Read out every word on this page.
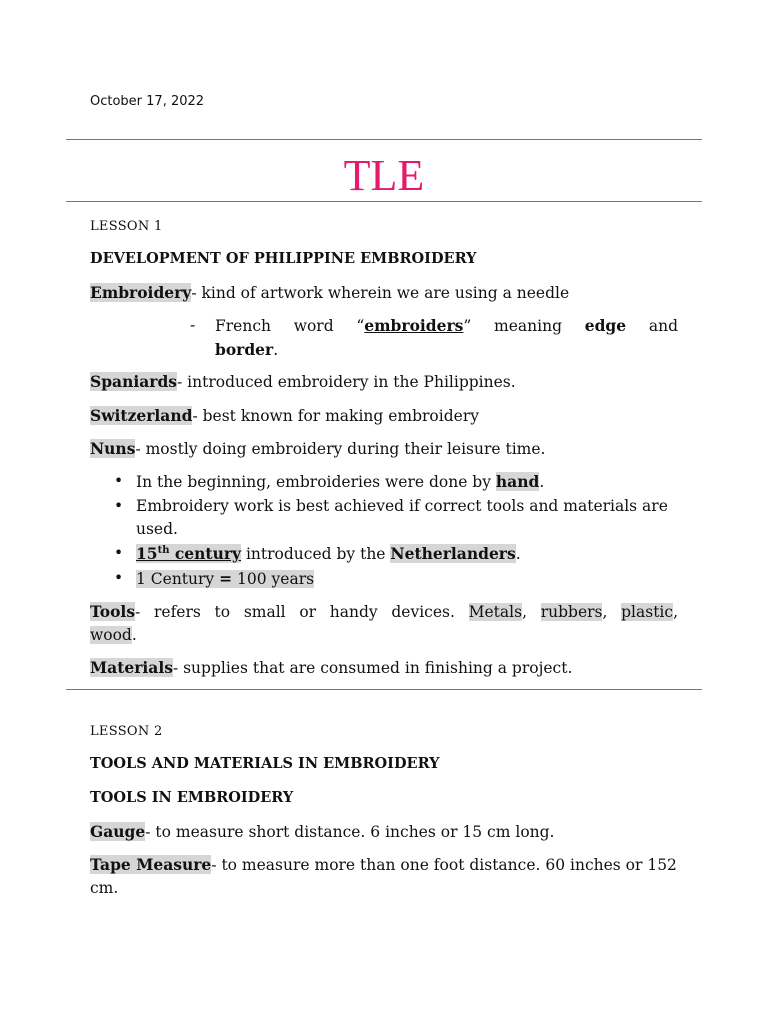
October 17, 2022
TLE
LESSON 1
DEVELOPMENT OF PHILIPPINE EMBROIDERY
Embroidery- kind of artwork wherein we are using a needle
- French word “embroiders” meaning edge and
border.
Spaniards- introduced embroidery in the Philippines.
Switzerland- best known for making embroidery
Nuns- mostly doing embroidery during their leisure time.
• In the beginning, embroideries were done by hand.
• Embroidery work is best achieved if correct tools and materials are used.
• 15th century introduced by the Netherlanders.
• 1 Century = 100 years
Tools- refers to small or handy devices. Metals, rubbers, plastic,
wood.
Materials- supplies that are consumed in finishing a project.
LESSON 2
TOOLS AND MATERIALS IN EMBROIDERY
TOOLS IN EMBROIDERY
Gauge- to measure short distance. 6 inches or 15 cm long.
Tape Measure- to measure more than one foot distance. 60 inches or 152 cm.
